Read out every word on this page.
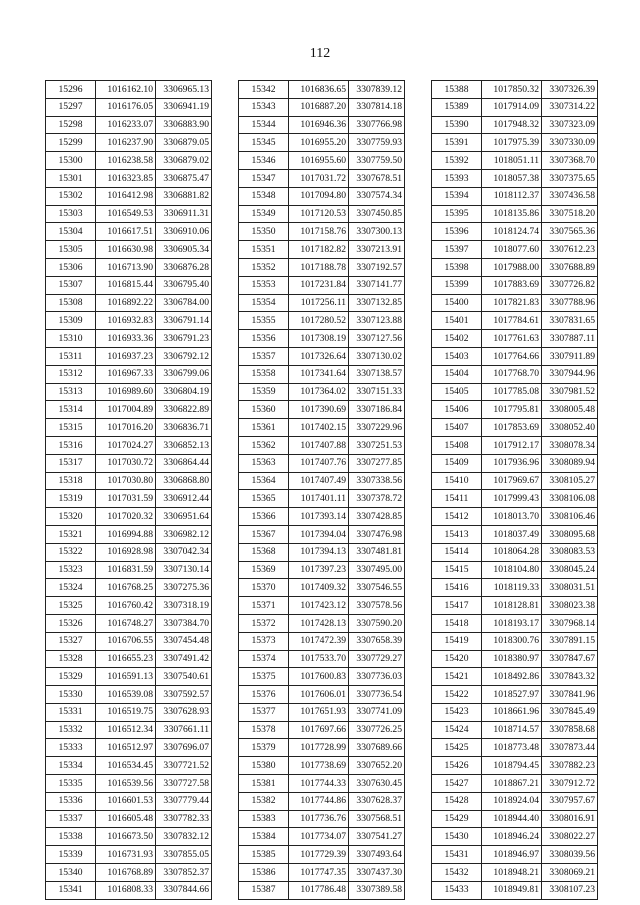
112
15296	1016162.10	3306965.13
15297	1016176.05	3306941.19
15298	1016233.07	3306883.90
15299	1016237.90	3306879.05
15300	1016238.58	3306879.02
15301	1016323.85	3306875.47
15302	1016412.98	3306881.82
15303	1016549.53	3306911.31
15304	1016617.51	3306910.06
15305	1016630.98	3306905.34
15306	1016713.90	3306876.28
15307	1016815.44	3306795.40
15308	1016892.22	3306784.00
15309	1016932.83	3306791.14
15310	1016933.36	3306791.23
15311	1016937.23	3306792.12
15312	1016967.33	3306799.06
15313	1016989.60	3306804.19
15314	1017004.89	3306822.89
15315	1017016.20	3306836.71
15316	1017024.27	3306852.13
15317	1017030.72	3306864.44
15318	1017030.80	3306868.80
15319	1017031.59	3306912.44
15320	1017020.32	3306951.64
15321	1016994.88	3306982.12
15322	1016928.98	3307042.34
15323	1016831.59	3307130.14
15324	1016768.25	3307275.36
15325	1016760.42	3307318.19
15326	1016748.27	3307384.70
15327	1016706.55	3307454.48
15328	1016655.23	3307491.42
15329	1016591.13	3307540.61
15330	1016539.08	3307592.57
15331	1016519.75	3307628.93
15332	1016512.34	3307661.11
15333	1016512.97	3307696.07
15334	1016534.45	3307721.52
15335	1016539.56	3307727.58
15336	1016601.53	3307779.44
15337	1016605.48	3307782.33
15338	1016673.50	3307832.12
15339	1016731.93	3307855.05
15340	1016768.89	3307852.37
15341	1016808.33	3307844.66
15342	1016836.65	3307839.12
15343	1016887.20	3307814.18
15344	1016946.36	3307766.98
15345	1016955.20	3307759.93
15346	1016955.60	3307759.50
15347	1017031.72	3307678.51
15348	1017094.80	3307574.34
15349	1017120.53	3307450.85
15350	1017158.76	3307300.13
15351	1017182.82	3307213.91
15352	1017188.78	3307192.57
15353	1017231.84	3307141.77
15354	1017256.11	3307132.85
15355	1017280.52	3307123.88
15356	1017308.19	3307127.56
15357	1017326.64	3307130.02
15358	1017341.64	3307138.57
15359	1017364.02	3307151.33
15360	1017390.69	3307186.84
15361	1017402.15	3307229.96
15362	1017407.88	3307251.53
15363	1017407.76	3307277.85
15364	1017407.49	3307338.56
15365	1017401.11	3307378.72
15366	1017393.14	3307428.85
15367	1017394.04	3307476.98
15368	1017394.13	3307481.81
15369	1017397.23	3307495.00
15370	1017409.32	3307546.55
15371	1017423.12	3307578.56
15372	1017428.13	3307590.20
15373	1017472.39	3307658.39
15374	1017533.70	3307729.27
15375	1017600.83	3307736.03
15376	1017606.01	3307736.54
15377	1017651.93	3307741.09
15378	1017697.66	3307726.25
15379	1017728.99	3307689.66
15380	1017738.69	3307652.20
15381	1017744.33	3307630.45
15382	1017744.86	3307628.37
15383	1017736.76	3307568.51
15384	1017734.07	3307541.27
15385	1017729.39	3307493.64
15386	1017747.35	3307437.30
15387	1017786.48	3307389.58
15388	1017850.32	3307326.39
15389	1017914.09	3307314.22
15390	1017948.32	3307323.09
15391	1017975.39	3307330.09
15392	1018051.11	3307368.70
15393	1018057.38	3307375.65
15394	1018112.37	3307436.58
15395	1018135.86	3307518.20
15396	1018124.74	3307565.36
15397	1018077.60	3307612.23
15398	1017988.00	3307688.89
15399	1017883.69	3307726.82
15400	1017821.83	3307788.96
15401	1017784.61	3307831.65
15402	1017761.63	3307887.11
15403	1017764.66	3307911.89
15404	1017768.70	3307944.96
15405	1017785.08	3307981.52
15406	1017795.81	3308005.48
15407	1017853.69	3308052.40
15408	1017912.17	3308078.34
15409	1017936.96	3308089.94
15410	1017969.67	3308105.27
15411	1017999.43	3308106.08
15412	1018013.70	3308106.46
15413	1018037.49	3308095.68
15414	1018064.28	3308083.53
15415	1018104.80	3308045.24
15416	1018119.33	3308031.51
15417	1018128.81	3308023.38
15418	1018193.17	3307968.14
15419	1018300.76	3307891.15
15420	1018380.97	3307847.67
15421	1018492.86	3307843.32
15422	1018527.97	3307841.96
15423	1018661.96	3307845.49
15424	1018714.57	3307858.68
15425	1018773.48	3307873.44
15426	1018794.45	3307882.23
15427	1018867.21	3307912.72
15428	1018924.04	3307957.67
15429	1018944.40	3308016.91
15430	1018946.24	3308022.27
15431	1018946.97	3308039.56
15432	1018948.21	3308069.21
15433	1018949.81	3308107.23
